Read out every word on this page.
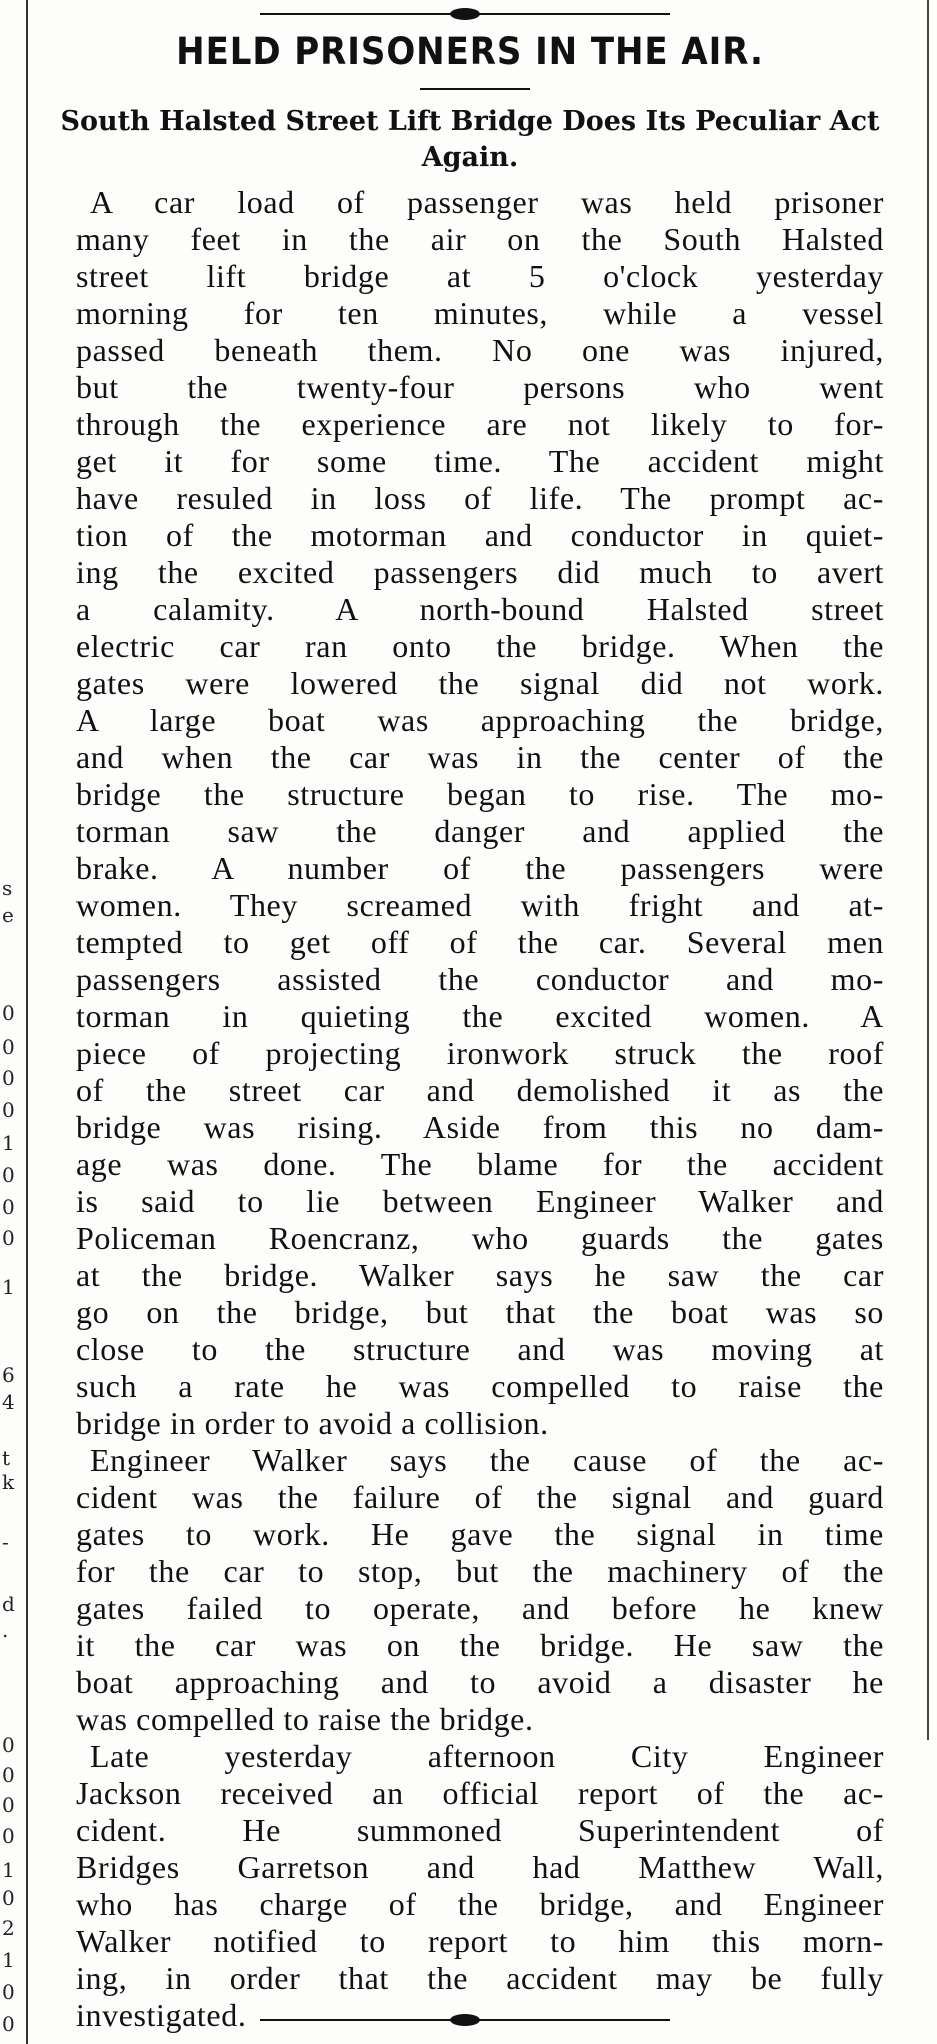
s
e
0
0
0
0
1
0
0
0
1
6
4
t
k
-
d
.
0
0
0
0
1
0
2
1
0
0
HELD PRISONERS IN THE AIR.
South Halsted Street Lift Bridge Does Its Peculiar Act Again.
A car load of passenger was held prisoner
many feet in the air on the South Halsted
street lift bridge at 5 o'clock yesterday
morning for ten minutes, while a vessel
passed beneath them. No one was injured,
but the twenty-four persons who went
through the experience are not likely to for-
get it for some time. The accident might
have resuled in loss of life. The prompt ac-
tion of the motorman and conductor in quiet-
ing the excited passengers did much to avert
a calamity. A north-bound Halsted street
electric car ran onto the bridge. When the
gates were lowered the signal did not work.
A large boat was approaching the bridge,
and when the car was in the center of the
bridge the structure began to rise. The mo-
torman saw the danger and applied the
brake. A number of the passengers were
women. They screamed with fright and at-
tempted to get off of the car. Several men
passengers assisted the conductor and mo-
torman in quieting the excited women. A
piece of projecting ironwork struck the roof
of the street car and demolished it as the
bridge was rising. Aside from this no dam-
age was done. The blame for the accident
is said to lie between Engineer Walker and
Policeman Roencranz, who guards the gates
at the bridge. Walker says he saw the car
go on the bridge, but that the boat was so
close to the structure and was moving at
such a rate he was compelled to raise the
bridge in order to avoid a collision.
Engineer Walker says the cause of the ac-
cident was the failure of the signal and guard
gates to work. He gave the signal in time
for the car to stop, but the machinery of the
gates failed to operate, and before he knew
it the car was on the bridge. He saw the
boat approaching and to avoid a disaster he
was compelled to raise the bridge.
Late yesterday afternoon City Engineer
Jackson received an official report of the ac-
cident. He summoned Superintendent of
Bridges Garretson and had Matthew Wall,
who has charge of the bridge, and Engineer
Walker notified to report to him this morn-
ing, in order that the accident may be fully
investigated.
